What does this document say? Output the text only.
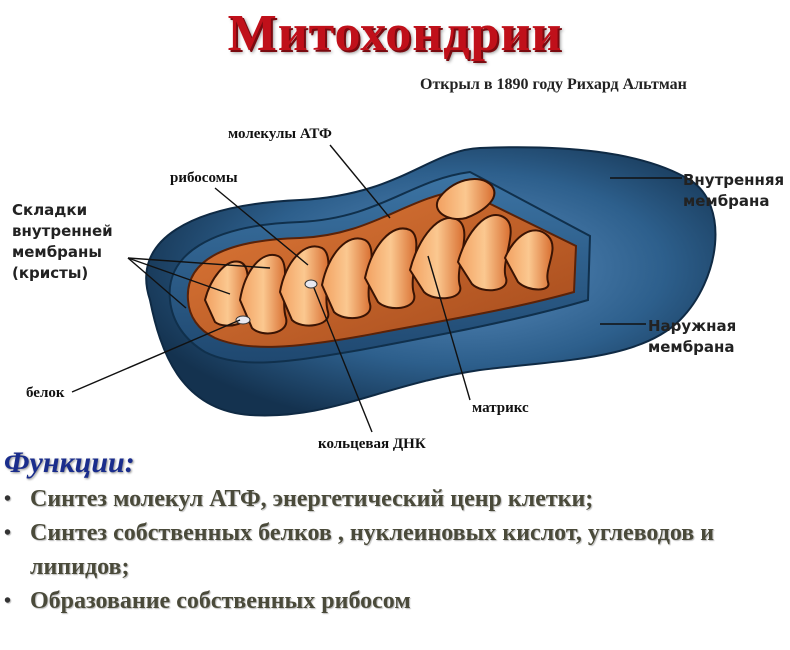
Митохондрии
Открыл в 1890 году Рихард Альтман
молекулы АТФ
рибосомы
Складки
внутренней
мембраны
(кристы)
Внутренняя
мембрана
Наружная
мембрана
белок
матрикс
кольцевая ДНК
Функции:
• Синтез молекул АТФ, энергетический ценр клетки;
• Синтез собственных белков , нуклеиновых кислот, углеводов и липидов;
• Образование собственных рибосом
